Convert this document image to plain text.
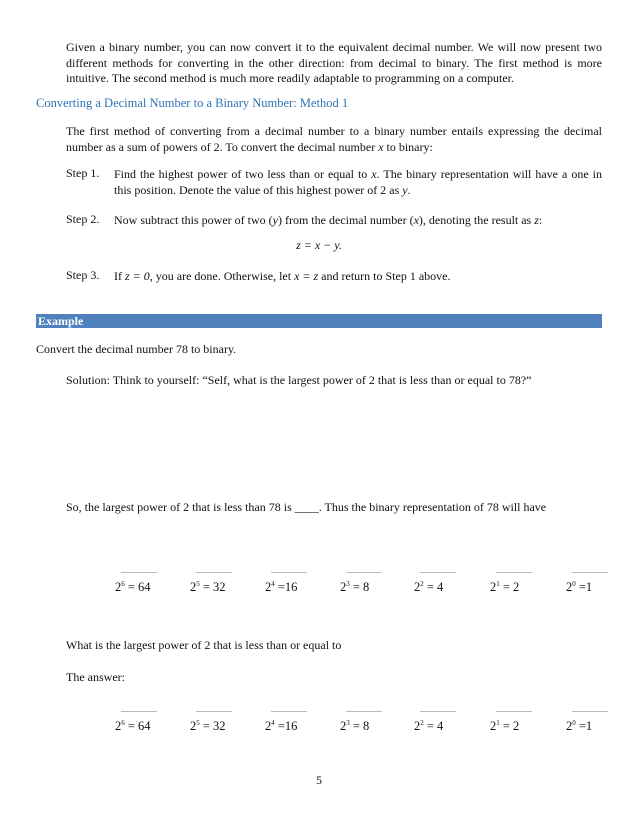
Given a binary number, you can now convert it to the equivalent decimal number. We will now present two different methods for converting in the other direction: from decimal to binary. The first method is more intuitive. The second method is much more readily adaptable to programming on a computer.

Converting a Decimal Number to a Binary Number: Method 1

The first method of converting from a decimal number to a binary number entails expressing the decimal number as a sum of powers of 2. To convert the decimal number x to binary:

Step 1. Find the highest power of two less than or equal to x. The binary representation will have a one in this position. Denote the value of this highest power of 2 as y.
Step 2. Now subtract this power of two (y) from the decimal number (x), denoting the result as z:
z = x − y.
Step 3. If z = 0, you are done. Otherwise, let x = z and return to Step 1 above.
Example
Convert the decimal number 78 to binary.
Solution: Think to yourself: “Self, what is the largest power of 2 that is less than or equal to 78?”
So, the largest power of 2 that is less than 78 is ____. Thus the binary representation of 78 will have
$2^6 = 64$	$2^5 = 32$	$2^4 =16$	$2^3 = 8$	$2^2 = 4$	$2^1 = 2$	$2^0 =1$
What is the largest power of 2 that is less than or equal to
The answer:
$2^6 = 64$	$2^5 = 32$	$2^4 =16$	$2^3 = 8$	$2^2 = 4$	$2^1 = 2$	$2^0 =1$
5
